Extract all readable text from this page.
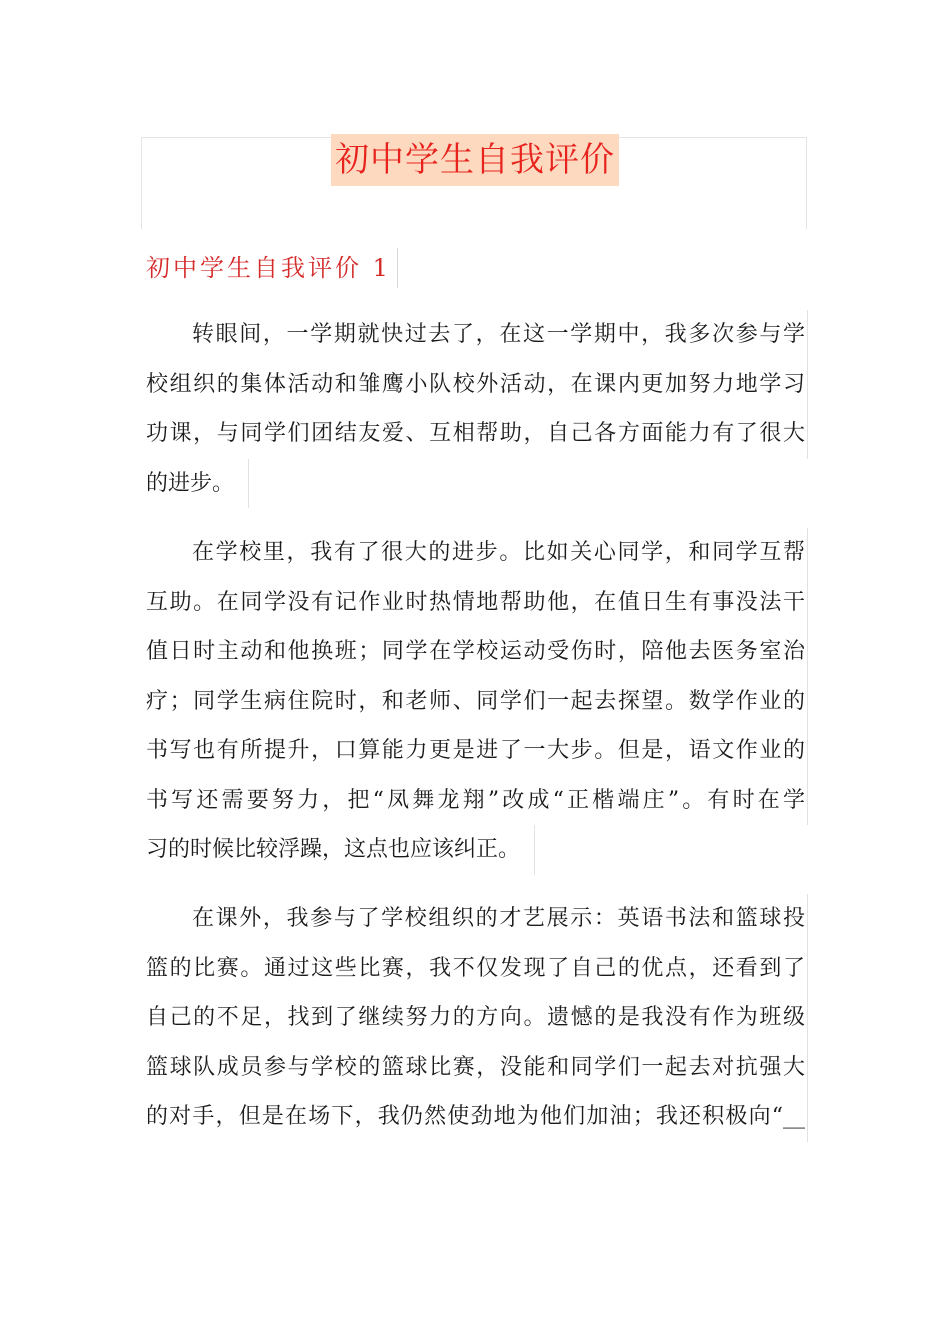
初中学生自我评价
初中学生自我评价 1
转眼间，一学期就快过去了，在这一学期中，我多次参与学
校组织的集体活动和雏鹰小队校外活动，在课内更加努力地学习
功课，与同学们团结友爱、互相帮助，自己各方面能力有了很大
的进步。
在学校里，我有了很大的进步。比如关心同学，和同学互帮
互助。在同学没有记作业时热情地帮助他，在值日生有事没法干
值日时主动和他换班；同学在学校运动受伤时，陪他去医务室治
疗；同学生病住院时，和老师、同学们一起去探望。数学作业的
书写也有所提升，口算能力更是进了一大步。但是，语文作业的
书写还需要努力，把“凤舞龙翔”改成“正楷端庄”。有时在学
习的时候比较浮躁，这点也应该纠正。
在课外，我参与了学校组织的才艺展示：英语书法和篮球投
篮的比赛。通过这些比赛，我不仅发现了自己的优点，还看到了
自己的不足，找到了继续努力的方向。遗憾的是我没有作为班级
篮球队成员参与学校的篮球比赛，没能和同学们一起去对抗强大
的对手，但是在场下，我仍然使劲地为他们加油；我还积极向“__
